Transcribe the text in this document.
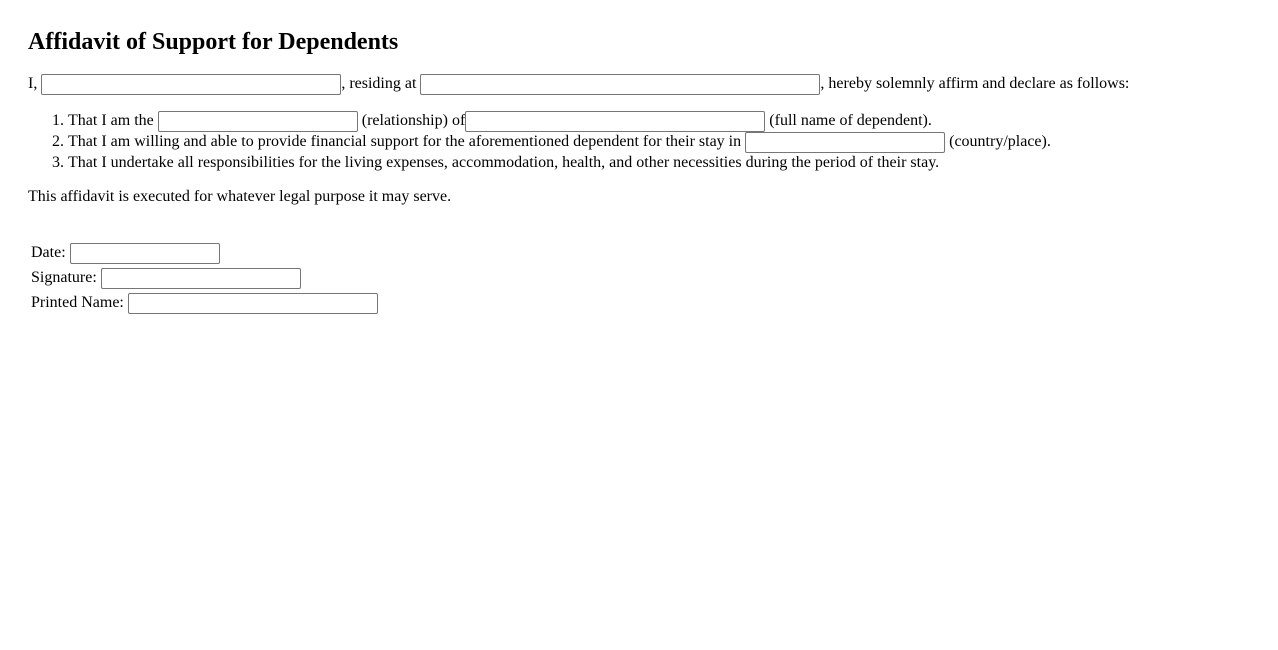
Affidavit of Support for Dependents
I,	, residing at	, hereby solemnly affirm and declare as follows:
1. That I am the	(relationship) of	(full name of dependent).
2. That I am willing and able to provide financial support for the aforementioned dependent for their stay in	(country/place).
3. That I undertake all responsibilities for the living expenses, accommodation, health, and other necessities during the period of their stay.
This affidavit is executed for whatever legal purpose it may serve.
Date:
Signature:
Printed Name:
